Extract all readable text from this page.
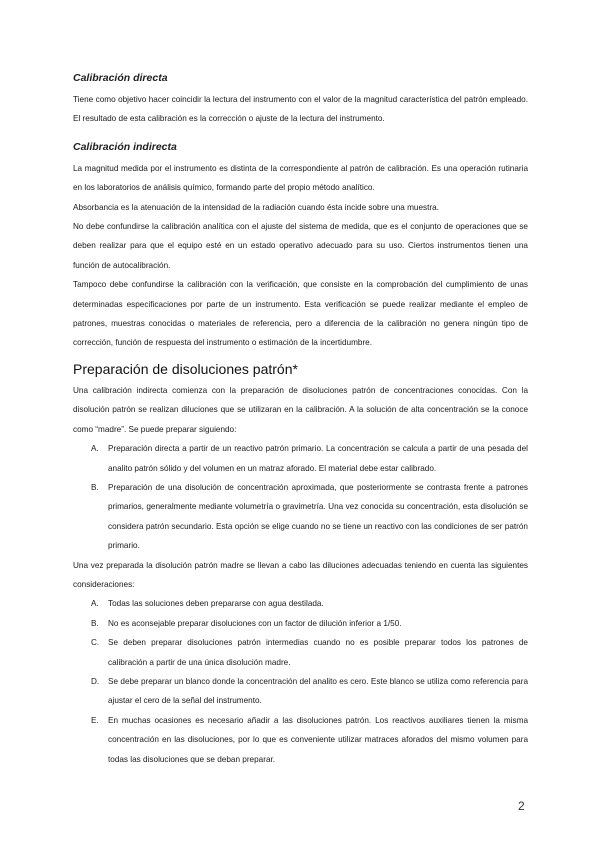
Calibración directa

Tiene como objetivo hacer coincidir la lectura del instrumento con el valor de la magnitud característica del patrón empleado. El resultado de esta calibración es la corrección o ajuste de la lectura del instrumento.

Calibración indirecta

La magnitud medida por el instrumento es distinta de la correspondiente al patrón de calibración. Es una operación rutinaria en los laboratorios de análisis químico, formando parte del propio método analítico.

Absorbancia es la atenuación de la intensidad de la radiación cuando ésta incide sobre una muestra.

No debe confundirse la calibración analítica con el ajuste del sistema de medida, que es el conjunto de operaciones que se deben realizar para que el equipo esté en un estado operativo adecuado para su uso. Ciertos instrumentos tienen una función de autocalibración.

Tampoco debe confundirse la calibración con la verificación, que consiste en la comprobación del cumplimiento de unas determinadas especificaciones por parte de un instrumento. Esta verificación se puede realizar mediante el empleo de patrones, muestras conocidas o materiales de referencia, pero a diferencia de la calibración no genera ningún tipo de corrección, función de respuesta del instrumento o estimación de la incertidumbre.

Preparación de disoluciones patrón*

Una calibración indirecta comienza con la preparación de disoluciones patrón de concentraciones conocidas. Con la disolución patrón se realizan diluciones que se utilizaran en la calibración. A la solución de alta concentración se la conoce como “madre”. Se puede preparar siguiendo:

A. Preparación directa a partir de un reactivo patrón primario. La concentración se calcula a partir de una pesada del analito patrón sólido y del volumen en un matraz aforado. El material debe estar calibrado.
B. Preparación de una disolución de concentración aproximada, que posteriormente se contrasta frente a patrones primarios, generalmente mediante volumetría o gravimetría. Una vez conocida su concentración, esta disolución se considera patrón secundario. Esta opción se elige cuando no se tiene un reactivo con las condiciones de ser patrón primario.

Una vez preparada la disolución patrón madre se llevan a cabo las diluciones adecuadas teniendo en cuenta las siguientes consideraciones:

A. Todas las soluciones deben prepararse con agua destilada.
B. No es aconsejable preparar disoluciones con un factor de dilución inferior a 1/50.
C. Se deben preparar disoluciones patrón intermedias cuando no es posible preparar todos los patrones de calibración a partir de una única disolución madre.
D. Se debe preparar un blanco donde la concentración del analito es cero. Este blanco se utiliza como referencia para ajustar el cero de la señal del instrumento.
E. En muchas ocasiones es necesario añadir a las disoluciones patrón. Los reactivos auxiliares tienen la misma concentración en las disoluciones, por lo que es conveniente utilizar matraces aforados del mismo volumen para todas las disoluciones que se deban preparar.
2
